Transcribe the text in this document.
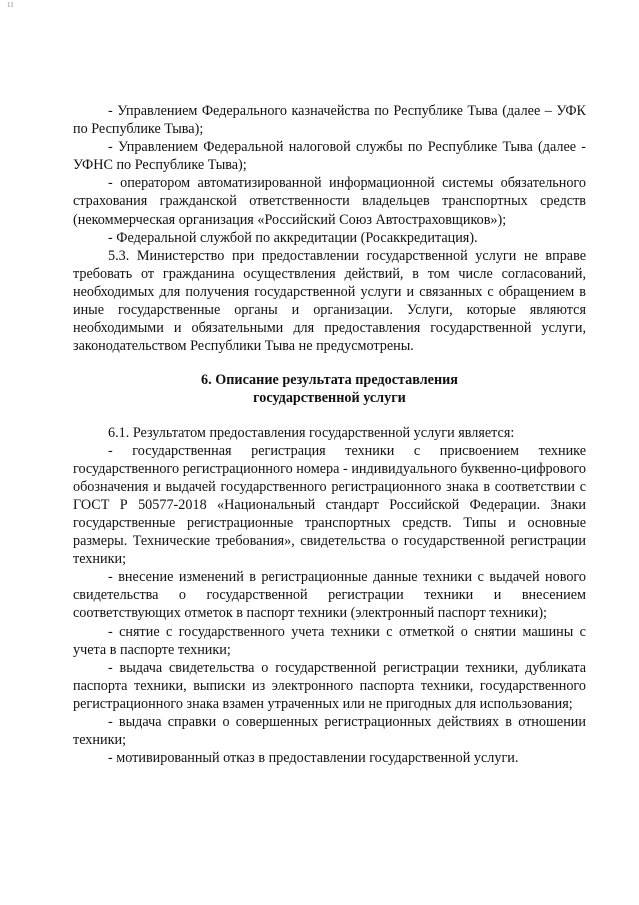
11

- Управлением Федерального казначейства по Республике Тыва (далее – УФК по Республике Тыва);

- Управлением Федеральной налоговой службы по Республике Тыва (далее - УФНС по Республике Тыва);

- оператором автоматизированной информационной системы обязательного страхования гражданской ответственности владельцев транспортных средств (некоммерческая организация «Российский Союз Автостраховщиков»);

- Федеральной службой по аккредитации (Росаккредитация).

5.3. Министерство при предоставлении государственной услуги не вправе требовать от гражданина осуществления действий, в том числе согласований, необходимых для получения государственной услуги и связанных с обращением в иные государственные органы и организации. Услуги, которые являются необходимыми и обязательными для предоставления государственной услуги, законодательством Республики Тыва не предусмотрены.

6. Описание результата предоставления
государственной услуги

6.1. Результатом предоставления государственной услуги является:

- государственная регистрация техники с присвоением технике государственного регистрационного номера - индивидуального буквенно-цифрового обозначения и выдачей государственного регистрационного знака в соответствии с ГОСТ Р 50577-2018 «Национальный стандарт Российской Федерации. Знаки государственные регистрационные транспортных средств. Типы и основные размеры. Технические требования», свидетельства о государственной регистрации техники;

- внесение изменений в регистрационные данные техники с выдачей нового свидетельства о государственной регистрации техники и внесением соответствующих отметок в паспорт техники (электронный паспорт техники);

- снятие с государственного учета техники с отметкой о снятии машины с учета в паспорте техники;

- выдача свидетельства о государственной регистрации техники, дубликата паспорта техники, выписки из электронного паспорта техники, государственного регистрационного знака взамен утраченных или не пригодных для использования;

- выдача справки о совершенных регистрационных действиях в отношении техники;

- мотивированный отказ в предоставлении государственной услуги.
